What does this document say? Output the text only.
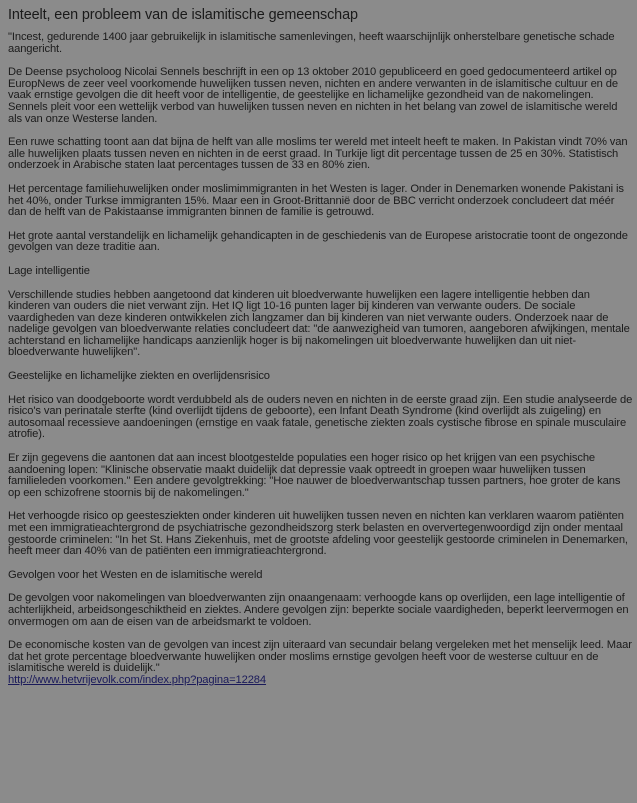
Inteelt, een probleem van de islamitische gemeenschap
"Incest, gedurende 1400 jaar gebruikelijk in islamitische samenlevingen, heeft waarschijnlijk onherstelbare genetische schade aangericht.
De Deense psycholoog Nicolai Sennels beschrijft in een op 13 oktober 2010 gepubliceerd en goed gedocumenteerd artikel op EuropNews de zeer veel voorkomende huwelijken tussen neven, nichten en andere verwanten in de islamitische cultuur en de vaak ernstige gevolgen die dit heeft voor de intelligentie, de geestelijke en lichamelijke gezondheid van de nakomelingen. Sennels pleit voor een wettelijk verbod van huwelijken tussen neven en nichten in het belang van zowel de islamitische wereld als van onze Westerse landen.
Een ruwe schatting toont aan dat bijna de helft van alle moslims ter wereld met inteelt heeft te maken. In Pakistan vindt 70% van alle huwelijken plaats tussen neven en nichten in de eerst graad. In Turkije ligt dit percentage tussen de 25 en 30%. Statistisch onderzoek in Arabische staten laat percentages tussen de 33 en 80% zien.
Het percentage familiehuwelijken onder moslimimmigranten in het Westen is lager. Onder in Denemarken wonende Pakistani is het 40%, onder Turkse immigranten 15%. Maar een in Groot-Brittannië door de BBC verricht onderzoek concludeert dat méér dan de helft van de Pakistaanse immigranten binnen de familie is getrouwd.
Het grote aantal verstandelijk en lichamelijk gehandicapten in de geschiedenis van de Europese aristocratie toont de ongezonde gevolgen van deze traditie aan.
Lage intelligentie
Verschillende studies hebben aangetoond dat kinderen uit bloedverwante huwelijken een lagere intelligentie hebben dan kinderen van ouders die niet verwant zijn. Het IQ ligt 10-16 punten lager bij kinderen van verwante ouders. De sociale vaardigheden van deze kinderen ontwikkelen zich langzamer dan bij kinderen van niet verwante ouders. Onderzoek naar de nadelige gevolgen van bloedverwante relaties concludeert dat: "de aanwezigheid van tumoren, aangeboren afwijkingen, mentale achterstand en lichamelijke handicaps aanzienlijk hoger is bij nakomelingen uit bloedverwante huwelijken dan uit niet-bloedverwante huwelijken".
Geestelijke en lichamelijke ziekten en overlijdensrisico
Het risico van doodgeboorte wordt verdubbeld als de ouders neven en nichten in de eerste graad zijn. Een studie analyseerde de risico's van perinatale sterfte (kind overlijdt tijdens de geboorte), een Infant Death Syndrome (kind overlijdt als zuigeling) en autosomaal recessieve aandoeningen (ernstige en vaak fatale, genetische ziekten zoals cystische fibrose en spinale musculaire atrofie).
Er zijn gegevens die aantonen dat aan incest blootgestelde populaties een hoger risico op het krijgen van een psychische aandoening lopen: "Klinische observatie maakt duidelijk dat depressie vaak optreedt in groepen waar huwelijken tussen familieleden voorkomen." Een andere gevolgtrekking: "Hoe nauwer de bloedverwantschap tussen partners, hoe groter de kans op een schizofrene stoornis bij de nakomelingen."
Het verhoogde risico op geestesziekten onder kinderen uit huwelijken tussen neven en nichten kan verklaren waarom patiënten met een immigratieachtergrond de psychiatrische gezondheidszorg sterk belasten en oververtegenwoordigd zijn onder mentaal gestoorde criminelen: "In het St. Hans Ziekenhuis, met de grootste afdeling voor geestelijk gestoorde criminelen in Denemarken, heeft meer dan 40% van de patiënten een immigratieachtergrond.
Gevolgen voor het Westen en de islamitische wereld
De gevolgen voor nakomelingen van bloedverwanten zijn onaangenaam: verhoogde kans op overlijden, een lage intelligentie of achterlijkheid, arbeidsongeschiktheid en ziektes. Andere gevolgen zijn: beperkte sociale vaardigheden, beperkt leervermogen en onvermogen om aan de eisen van de arbeidsmarkt te voldoen.
De economische kosten van de gevolgen van incest zijn uiteraard van secundair belang vergeleken met het menselijk leed. Maar dat het grote percentage bloedverwante huwelijken onder moslims ernstige gevolgen heeft voor de westerse cultuur en de islamitische wereld is duidelijk."
http://www.hetvrijevolk.com/index.php?pagina=12284
